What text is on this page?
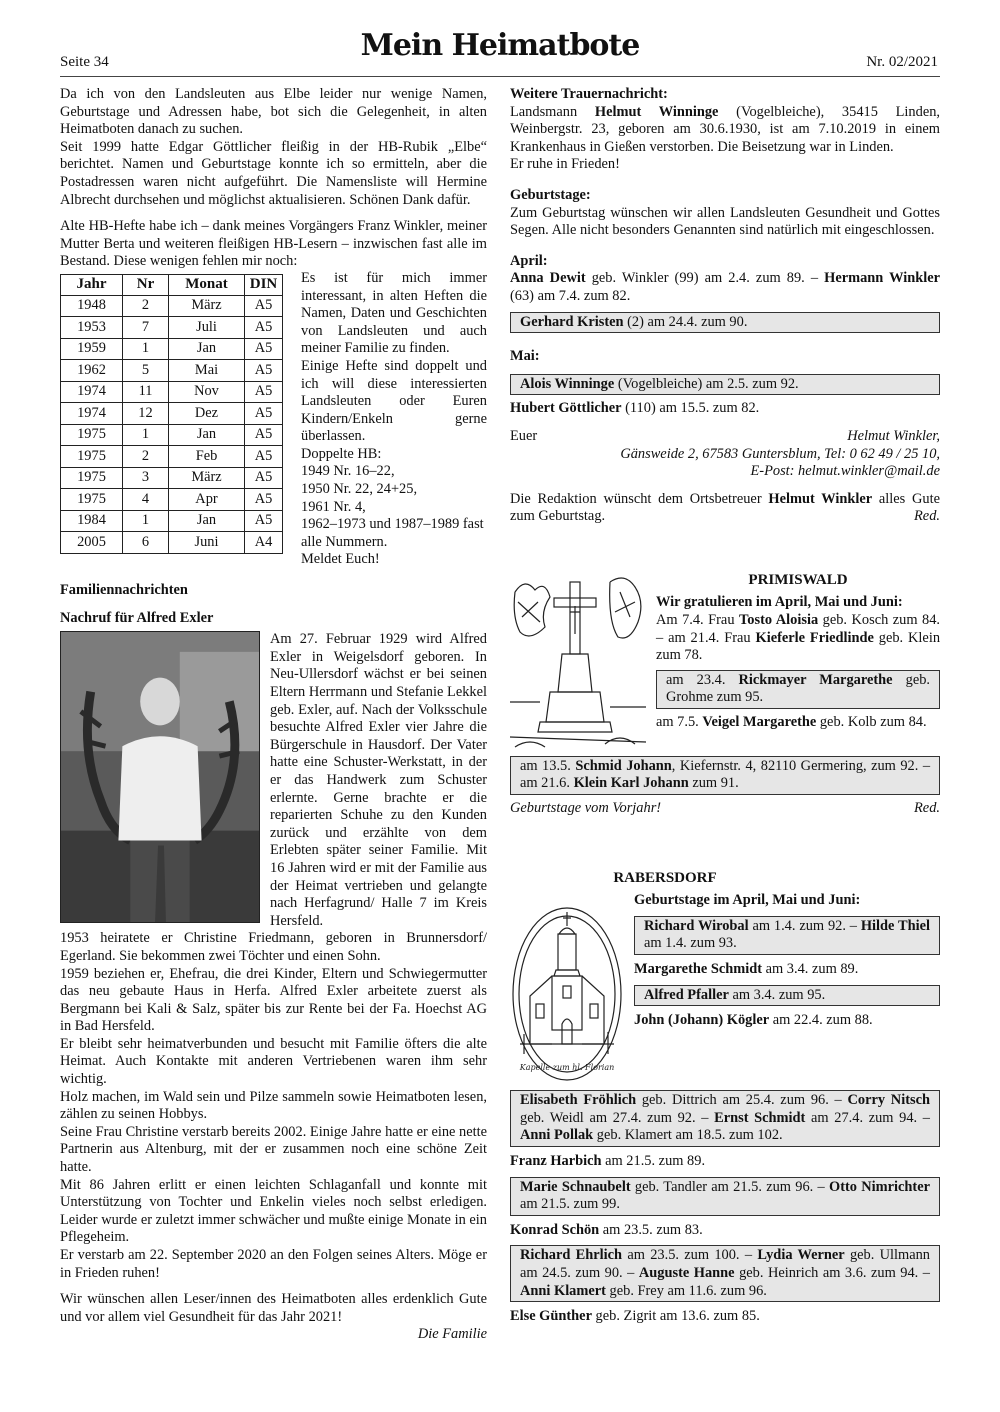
Seite 34	Mein Heimatbote	Nr. 02/2021

Da ich von den Landsleuten aus Elbe leider nur wenige Namen, Geburtstage und Adressen habe, bot sich die Gelegenheit, in alten Heimatboten danach zu suchen.

Seit 1999 hatte Edgar Göttlicher fleißig in der HB-Rubik „Elbe“ berichtet. Namen und Geburtstage konnte ich so ermitteln, aber die Postadressen waren nicht aufgeführt. Die Namensliste will Hermine Albrecht durchsehen und möglichst aktualisieren. Schönen Dank dafür.

Alte HB-Hefte habe ich – dank meines Vorgängers Franz Winkler, meiner Mutter Berta und weiteren fleißigen HB-Lesern – inzwischen fast alle im Bestand. Diese wenigen fehlen mir noch:

Jahr	Nr	Monat	DIN
1948	2	März	A5
1953	7	Juli	A5
1959	1	Jan	A5
1962	5	Mai	A5
1974	11	Nov	A5
1974	12	Dez	A5
1975	1	Jan	A5
1975	2	Feb	A5
1975	3	März	A5
1975	4	Apr	A5
1984	1	Jan	A5
2005	6	Juni	A4

Es ist für mich immer interessant, in alten Heften die Namen, Daten und Geschichten von Landsleuten und auch meiner Familie zu finden.

Einige Hefte sind doppelt und ich will diese interessierten Landsleuten oder Euren Kindern/Enkeln gerne überlassen.

Doppelte HB:

1949 Nr. 16–22,

1950 Nr. 22, 24+25,

1961 Nr. 4,

1962–1973 und 1987–1989 fast alle Nummern.

Meldet Euch!

Familiennachrichten

Nachruf für Alfred Exler

Am 27. Februar 1929 wird Alfred Exler in Weigelsdorf geboren. In Neu-Ullersdorf wächst er bei seinen Eltern Herrmann und Stefanie Lekkel geb. Exler, auf. Nach der Volksschule besuchte Alfred Exler vier Jahre die Bürgerschule in Hausdorf. Der Vater hatte eine Schuster-Werkstatt, in der er das Handwerk zum Schuster erlernte. Gerne brachte er die reparierten Schuhe zu den Kunden zurück und erzählte von dem Erlebten später seiner Familie. Mit 16 Jahren wird er mit der Familie aus der Heimat vertrieben und gelangte nach Herfagrund/ Halle 7 im Kreis Hersfeld.

1953 heiratete er Christine Friedmann, geboren in Brunnersdorf/ Egerland. Sie bekommen zwei Töchter und einen Sohn.

1959 beziehen er, Ehefrau, die drei Kinder, Eltern und Schwiegermutter das neu gebaute Haus in Herfa. Alfred Exler arbeitete zuerst als Bergmann bei Kali & Salz, später bis zur Rente bei der Fa. Hoechst AG in Bad Hersfeld.

Er bleibt sehr heimatverbunden und besucht mit Familie öfters die alte Heimat. Auch Kontakte mit anderen Vertriebenen waren ihm sehr wichtig.

Holz machen, im Wald sein und Pilze sammeln sowie Heimatboten lesen, zählen zu seinen Hobbys.

Seine Frau Christine verstarb bereits 2002. Einige Jahre hatte er eine nette Partnerin aus Altenburg, mit der er zusammen noch eine schöne Zeit hatte.

Mit 86 Jahren erlitt er einen leichten Schlaganfall und konnte mit Unterstützung von Tochter und Enkelin vieles noch selbst erledigen. Leider wurde er zuletzt immer schwächer und mußte einige Monate in ein Pflegeheim.

Er verstarb am 22. September 2020 an den Folgen seines Alters. Möge er in Frieden ruhen!

Wir wünschen allen Leser/innen des Heimatboten alles erdenklich Gute und vor allem viel Gesundheit für das Jahr 2021!

Die Familie

Weitere Trauernachricht:

Landsmann Helmut Winninge (Vogelbleiche), 35415 Linden, Weinbergstr. 23, geboren am 30.6.1930, ist am 7.10.2019 in einem Krankenhaus in Gießen verstorben. Die Beisetzung war in Linden.

Er ruhe in Frieden!

Geburtstage:

Zum Geburtstag wünschen wir allen Landsleuten Gesundheit und Gottes Segen. Alle nicht besonders Genannten sind natürlich mit eingeschlossen.

April:

Anna Dewit geb. Winkler (99) am 2.4. zum 89. – Hermann Winkler (63) am 7.4. zum 82.

Gerhard Kristen (2) am 24.4. zum 90.

Mai:

Alois Winninge (Vogelbleiche) am 2.5. zum 92.

Hubert Göttlicher (110) am 15.5. zum 82.

Euer	Helmut Winkler,

Gänsweide 2, 67583 Guntersblum, Tel: 0 62 49 / 25 10,

E-Post: helmut.winkler@mail.de

Die Redaktion wünscht dem Ortsbetreuer Helmut Winkler alles Gute zum Geburtstag.	Red.

PRIMISWALD

Wir gratulieren im April, Mai und Juni:

Am 7.4. Frau Tosto Aloisia geb. Kosch zum 84. – am 21.4. Frau Kieferle Friedlinde geb. Klein zum 78.

am 23.4. Rickmayer Margarethe geb. Grohme zum 95.

am 7.5. Veigel Margarethe geb. Kolb zum 84.

am 13.5. Schmid Johann, Kiefernstr. 4, 82110 Germering, zum 92. – am 21.6. Klein Karl Johann zum 91.
Geburtstage vom Vorjahr!	Red.

RABERSDORF

Kapelle zum hl. Florian

Geburtstage im April, Mai und Juni:

Richard Wirobal am 1.4. zum 92. – Hilde Thiel am 1.4. zum 93.

Margarethe Schmidt am 3.4. zum 89.

Alfred Pfaller am 3.4. zum 95.

John (Johann) Kögler am 22.4. zum 88.

Elisabeth Fröhlich geb. Dittrich am 25.4. zum 96. – Corry Nitsch geb. Weidl am 27.4. zum 92. – Ernst Schmidt am 27.4. zum 94. – Anni Pollak geb. Klamert am 18.5. zum 102.

Franz Harbich am 21.5. zum 89.

Marie Schnaubelt geb. Tandler am 21.5. zum 96. – Otto Nimrichter am 21.5. zum 99.

Konrad Schön am 23.5. zum 83.

Richard Ehrlich am 23.5. zum 100. – Lydia Werner geb. Ullmann am 24.5. zum 90. – Auguste Hanne geb. Heinrich am 3.6. zum 94. – Anni Klamert geb. Frey am 11.6. zum 96.

Else Günther geb. Zigrit am 13.6. zum 85.
